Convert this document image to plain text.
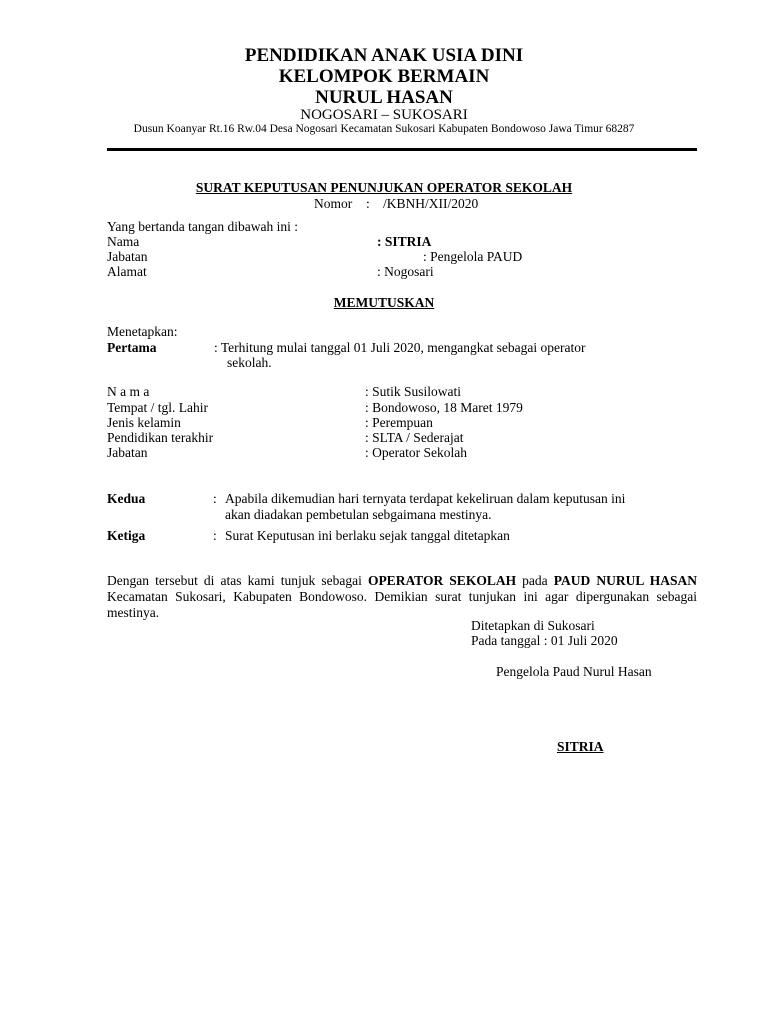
PENDIDIKAN ANAK USIA DINI
KELOMPOK BERMAIN
NURUL HASAN
NOGOSARI – SUKOSARI
Dusun Koanyar Rt.16 Rw.04 Desa Nogosari Kecamatan Sukosari Kabupaten Bondowoso Jawa Timur 68287
SURAT KEPUTUSAN PENUNJUKAN OPERATOR SEKOLAH
Nomor : /KBNH/XII/2020
Yang bertanda tangan dibawah ini :
Nama	: SITRIA
Jabatan	: Pengelola PAUD
Alamat	: Nogosari
MEMUTUSKAN
Menetapkan:
Pertama	: Terhitung mulai tanggal 01 Juli 2020, mengangkat sebagai operator
sekolah.
N a m a	: Sutik Susilowati
Tempat / tgl. Lahir	: Bondowoso, 18 Maret 1979
Jenis kelamin	: Perempuan
Pendidikan terakhir	: SLTA / Sederajat
Jabatan	: Operator Sekolah
Kedua	: Apabila dikemudian hari ternyata terdapat kekeliruan dalam keputusan ini
akan diadakan pembetulan sebgaimana mestinya.
Ketiga	: Surat Keputusan ini berlaku sejak tanggal ditetapkan
Dengan tersebut di atas kami tunjuk sebagai OPERATOR SEKOLAH pada PAUD NURUL HASAN Kecamatan Sukosari, Kabupaten Bondowoso. Demikian surat tunjukan ini agar dipergunakan sebagai mestinya.
Ditetapkan di Sukosari
Pada tanggal : 01 Juli 2020
Pengelola Paud Nurul Hasan
SITRIA
